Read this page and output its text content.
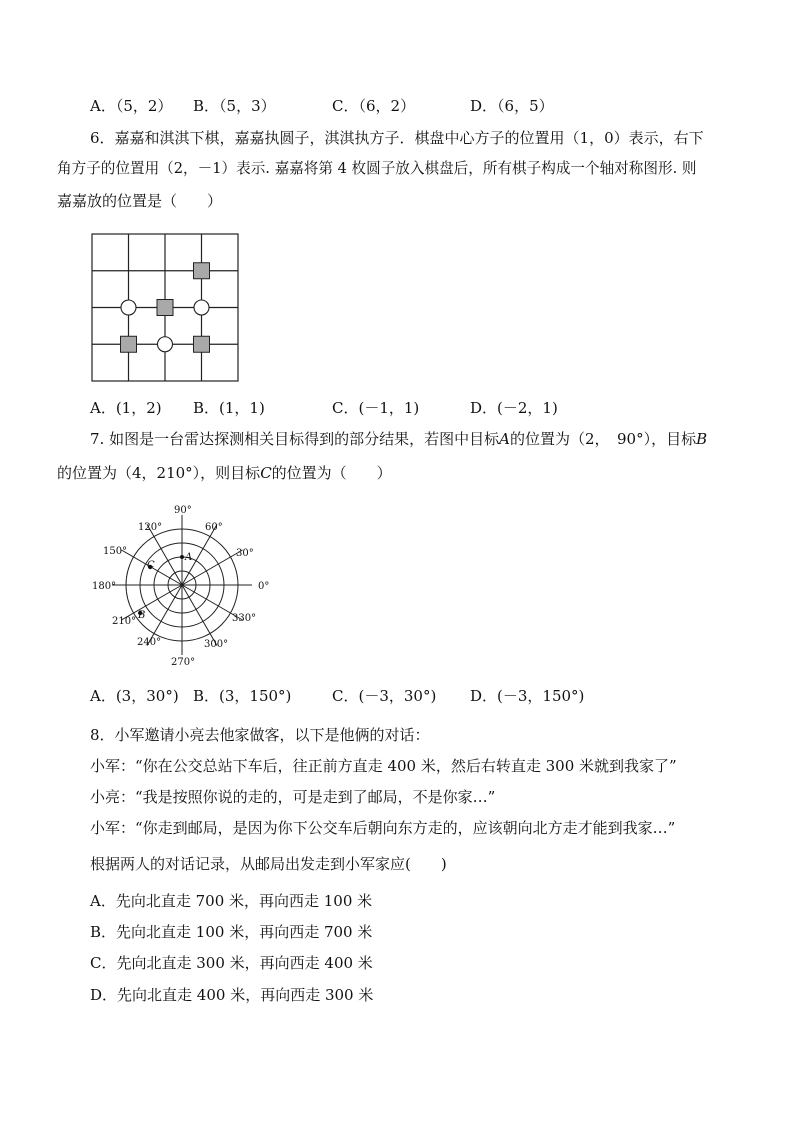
A．（5，2） B．（5，3）	C．（6，2）	D．（6，5）
6．嘉嘉和淇淇下棋，嘉嘉执圆子，淇淇执方子．棋盘中心方子的位置用（1，0）表示，右下
角方子的位置用（2，－1）表示. 嘉嘉将第 4 枚圆子放入棋盘后，所有棋子构成一个轴对称图形. 则
嘉嘉放的位置是（　　）
A．(1，2) B．(1，1)	C．(－1，1)	D．(－2，1)
7. 如图是一台雷达探测相关目标得到的部分结果，若图中目标A的位置为（2，　90°），目标B
的位置为（4，210°），则目标C的位置为（　　）
A
B
C
90°
60°
30°
0°
330°
300°
270°
240°
210°
180°
150°
120°
A．(3，30°) B．(3，150°)	C．(－3，30°) D．(－3，150°)
8．小军邀请小亮去他家做客，以下是他俩的对话：
小军：“你在公交总站下车后，往正前方直走 400 米，然后右转直走 300 米就到我家了”
小亮：“我是按照你说的走的，可是走到了邮局，不是你家…”
小军：“你走到邮局，是因为你下公交车后朝向东方走的，应该朝向北方走才能到我家…”
根据两人的对话记录，从邮局出发走到小军家应(　　)
A．先向北直走 700 米，再向西走 100 米
B．先向北直走 100 米，再向西走 700 米
C．先向北直走 300 米，再向西走 400 米
D．先向北直走 400 米，再向西走 300 米
